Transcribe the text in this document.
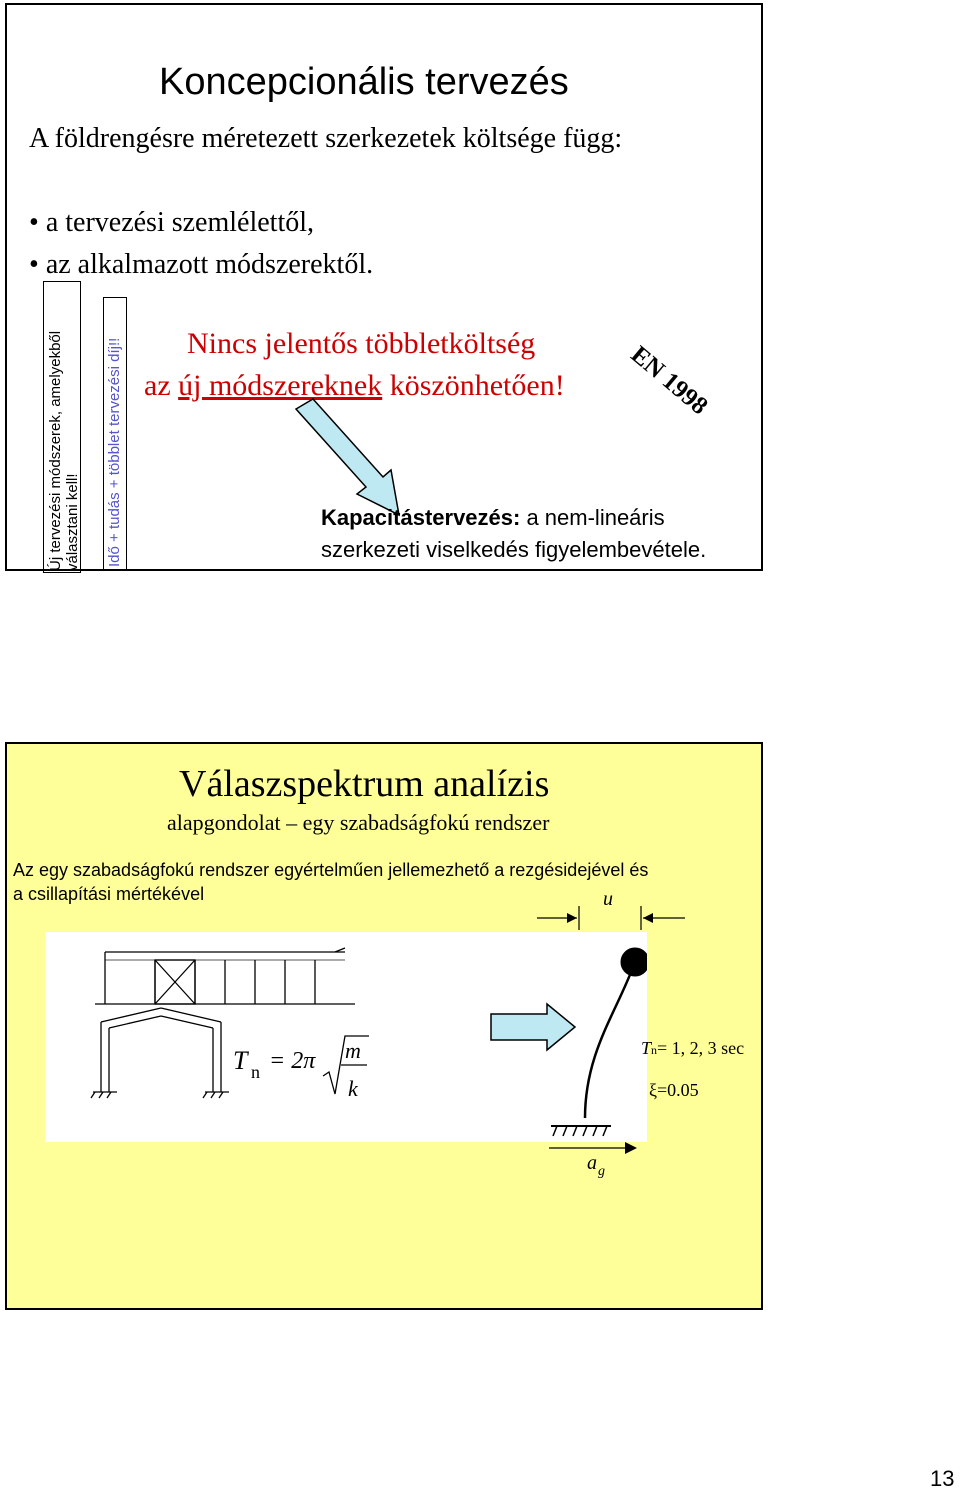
Koncepcionális tervezés
A földrengésre méretezett szerkezetek költsége függ:
• a tervezési szemlélettől,
• az alkalmazott módszerektől.
Új tervezési módszerek, amelyekből választani kell! Idő + tudás + többlet tervezési díj!! Nincs jelentős többletköltség
az új módszereknek köszönhetően! EN 1998
Kapacitástervezés: a nem-lineáris
szerkezeti viselkedés figyelembevétele.
Válaszspektrum analízis
alapgondolat – egy szabadságfokú rendszer
Az egy szabadságfokú rendszer egyértelműen jellemezhető a rezgésidejével és
a csillapítási mértékével
T n = 2π m
k
u
a g
Tn= 1, 2, 3 sec
ξ=0.05
13
